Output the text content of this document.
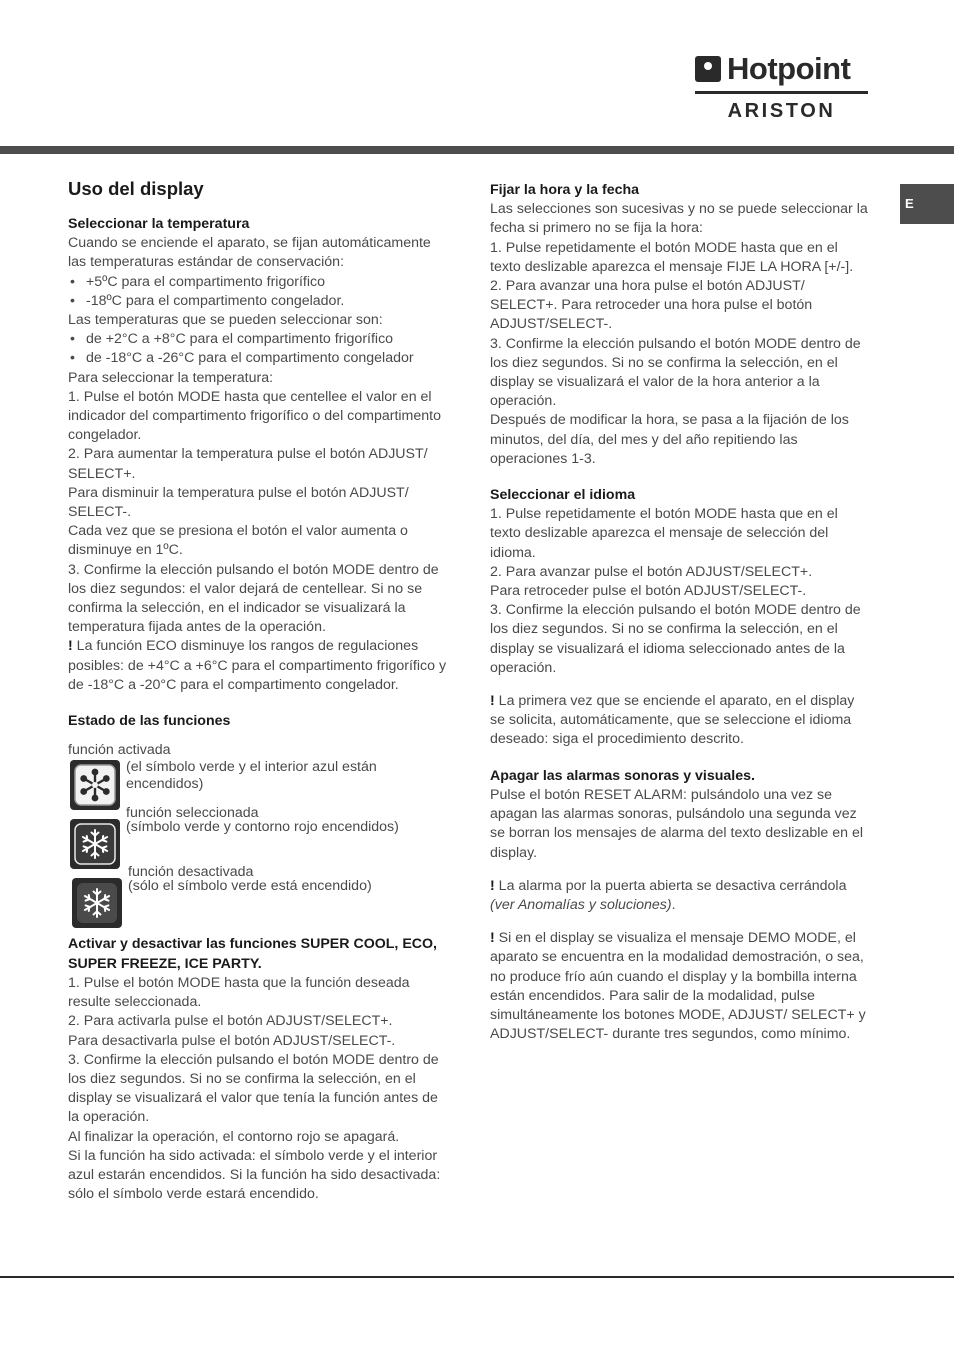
Hotpoint
ARISTON
E
Uso del display
Seleccionar la temperatura

Cuando se enciende el aparato, se fijan automáticamente las temperaturas estándar de conservación:

• +5ºC para el compartimento frigorífico

• -18ºC para el compartimento congelador.

Las temperaturas que se pueden seleccionar son:

• de +2°C a +8°C para el compartimento frigorífico

• de -18°C a -26°C para el compartimento congelador

Para seleccionar la temperatura:

1. Pulse el botón MODE hasta que centellee el valor en el indicador del compartimento frigorífico o del compartimento congelador.

2. Para aumentar la temperatura pulse el botón ADJUST/ SELECT+.

Para disminuir la temperatura pulse el botón ADJUST/ SELECT-.

Cada vez que se presiona el botón el valor aumenta o disminuye en 1ºC.

3. Confirme la elección pulsando el botón MODE dentro de los diez segundos: el valor dejará de centellear. Si no se confirma la selección, en el indicador se visualizará la temperatura fijada antes de la operación.

! La función ECO disminuye los rangos de regulaciones posibles: de +4°C a +6°C para el compartimento frigorífico y de -18°C a -20°C para el compartimento congelador.

Estado de las funciones

función activada

(el símbolo verde y el interior azul están encendidos)
función seleccionada
(símbolo verde y contorno rojo encendidos)
función desactivada
(sólo el símbolo verde está encendido)
Activar y desactivar las funciones SUPER COOL, ECO, SUPER FREEZE, ICE PARTY.

1. Pulse el botón MODE hasta que la función deseada resulte seleccionada.

2. Para activarla pulse el botón ADJUST/SELECT+.

Para desactivarla pulse el botón ADJUST/SELECT-.

3. Confirme la elección pulsando el botón MODE dentro de los diez segundos. Si no se confirma la selección, en el display se visualizará el valor que tenía la función antes de la operación.

Al finalizar la operación, el contorno rojo se apagará.

Si la función ha sido activada: el símbolo verde y el interior azul estarán encendidos. Si la función ha sido desactivada: sólo el símbolo verde estará encendido.

Fijar la hora y la fecha

Las selecciones son sucesivas y no se puede seleccionar la fecha si primero no se fija la hora:

1. Pulse repetidamente el botón MODE hasta que en el texto deslizable aparezca el mensaje FIJE LA HORA [+/-].

2. Para avanzar una hora pulse el botón ADJUST/ SELECT+. Para retroceder una hora pulse el botón ADJUST/SELECT-.

3. Confirme la elección pulsando el botón MODE dentro de los diez segundos. Si no se confirma la selección, en el display se visualizará el valor de la hora anterior a la operación.

Después de modificar la hora, se pasa a la fijación de los minutos, del día, del mes y del año repitiendo las operaciones 1-3.

Seleccionar el idioma

1. Pulse repetidamente el botón MODE hasta que en el texto deslizable aparezca el mensaje de selección del idioma.

2. Para avanzar pulse el botón ADJUST/SELECT+.

Para retroceder pulse el botón ADJUST/SELECT-.

3. Confirme la elección pulsando el botón MODE dentro de los diez segundos. Si no se confirma la selección, en el display se visualizará el idioma seleccionado antes de la operación.

! La primera vez que se enciende el aparato, en el display se solicita, automáticamente, que se seleccione el idioma deseado: siga el procedimiento descrito.

Apagar las alarmas sonoras y visuales.

Pulse el botón RESET ALARM: pulsándolo una vez se apagan las alarmas sonoras, pulsándolo una segunda vez se borran los mensajes de alarma del texto deslizable en el display.

! La alarma por la puerta abierta se desactiva cerrándola (ver Anomalías y soluciones).

! Si en el display se visualiza el mensaje DEMO MODE, el aparato se encuentra en la modalidad demostración, o sea, no produce frío aún cuando el display y la bombilla interna están encendidos. Para salir de la modalidad, pulse simultáneamente los botones MODE, ADJUST/ SELECT+ y ADJUST/SELECT- durante tres segundos, como mínimo.
